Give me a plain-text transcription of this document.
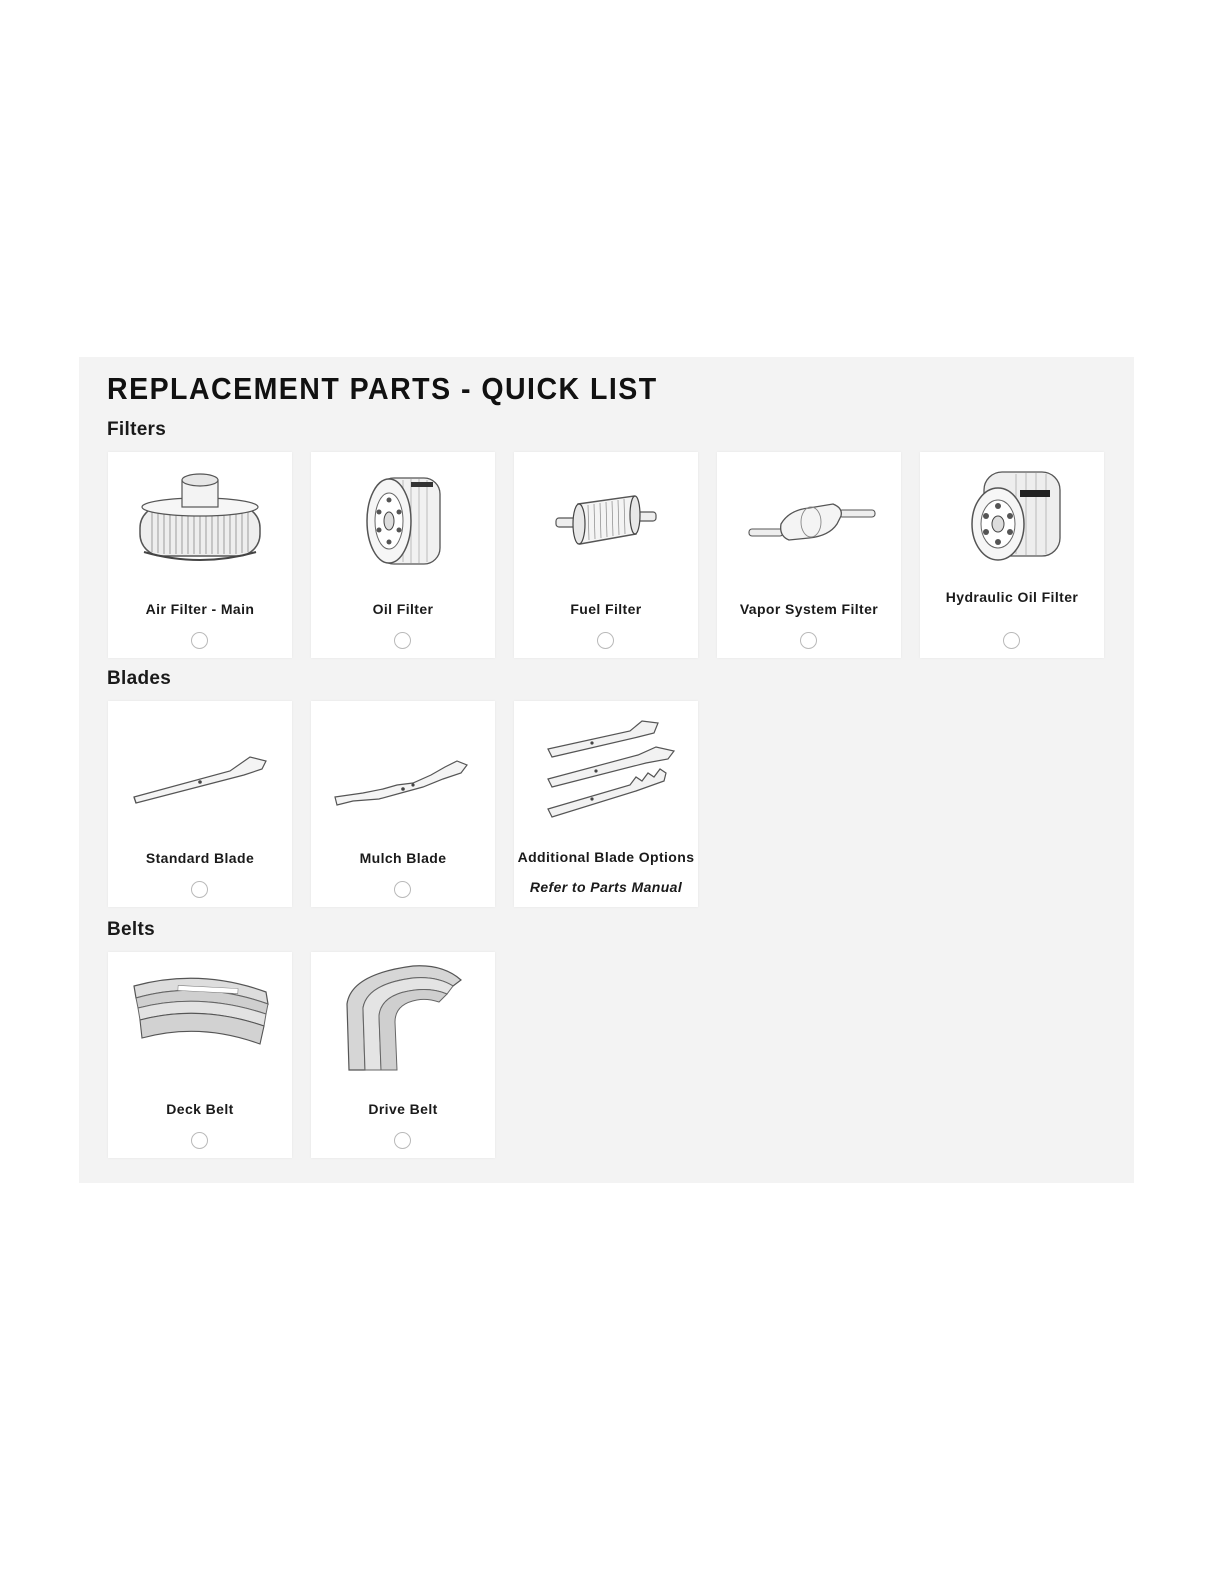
REPLACEMENT PARTS - QUICK LIST
Filters
Air Filter - Main	Oil Filter	Fuel Filter	Vapor System Filter
Hydraulic Oil Filter
Blades
Standard Blade	Mulch Blade	Additional Blade Options
Refer to Parts Manual
Belts
Deck Belt	Drive Belt
